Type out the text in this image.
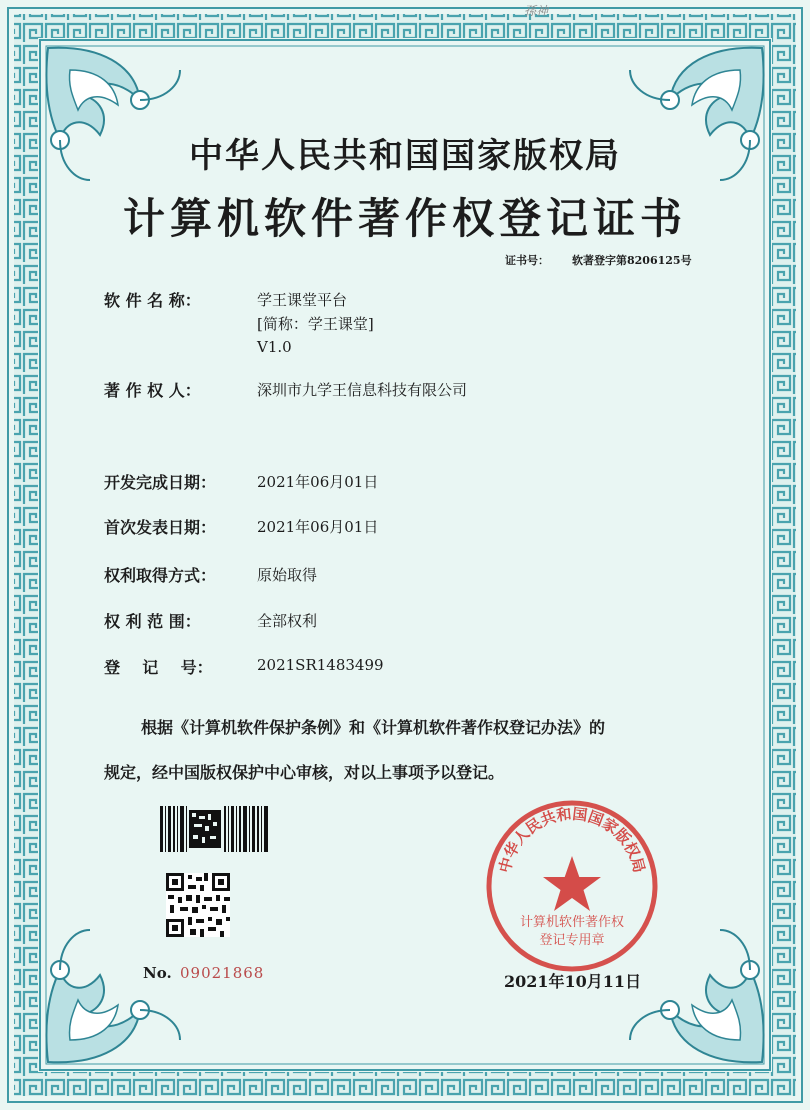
孫神
中华人民共和国国家版权局
计算机软件著作权登记证书
证书号： 软著登字第8206125号
软 件 名 称：	学王课堂平台
[简称：学王课堂]
V1.0
著 作 权 人：	深圳市九学王信息科技有限公司
开发完成日期：	2021年06月01日
首次发表日期：	2021年06月01日
权利取得方式：	原始取得
权 利 范 围：	全部权利
登    记    号：	2021SR1483499
根据《计算机软件保护条例》和《计算机软件著作权登记办法》的
规定，经中国版权保护中心审核，对以上事项予以登记。
中华人民共和国国家版权局
计算机软件著作权
登记专用章
No. 09021868	2021年10月11日
